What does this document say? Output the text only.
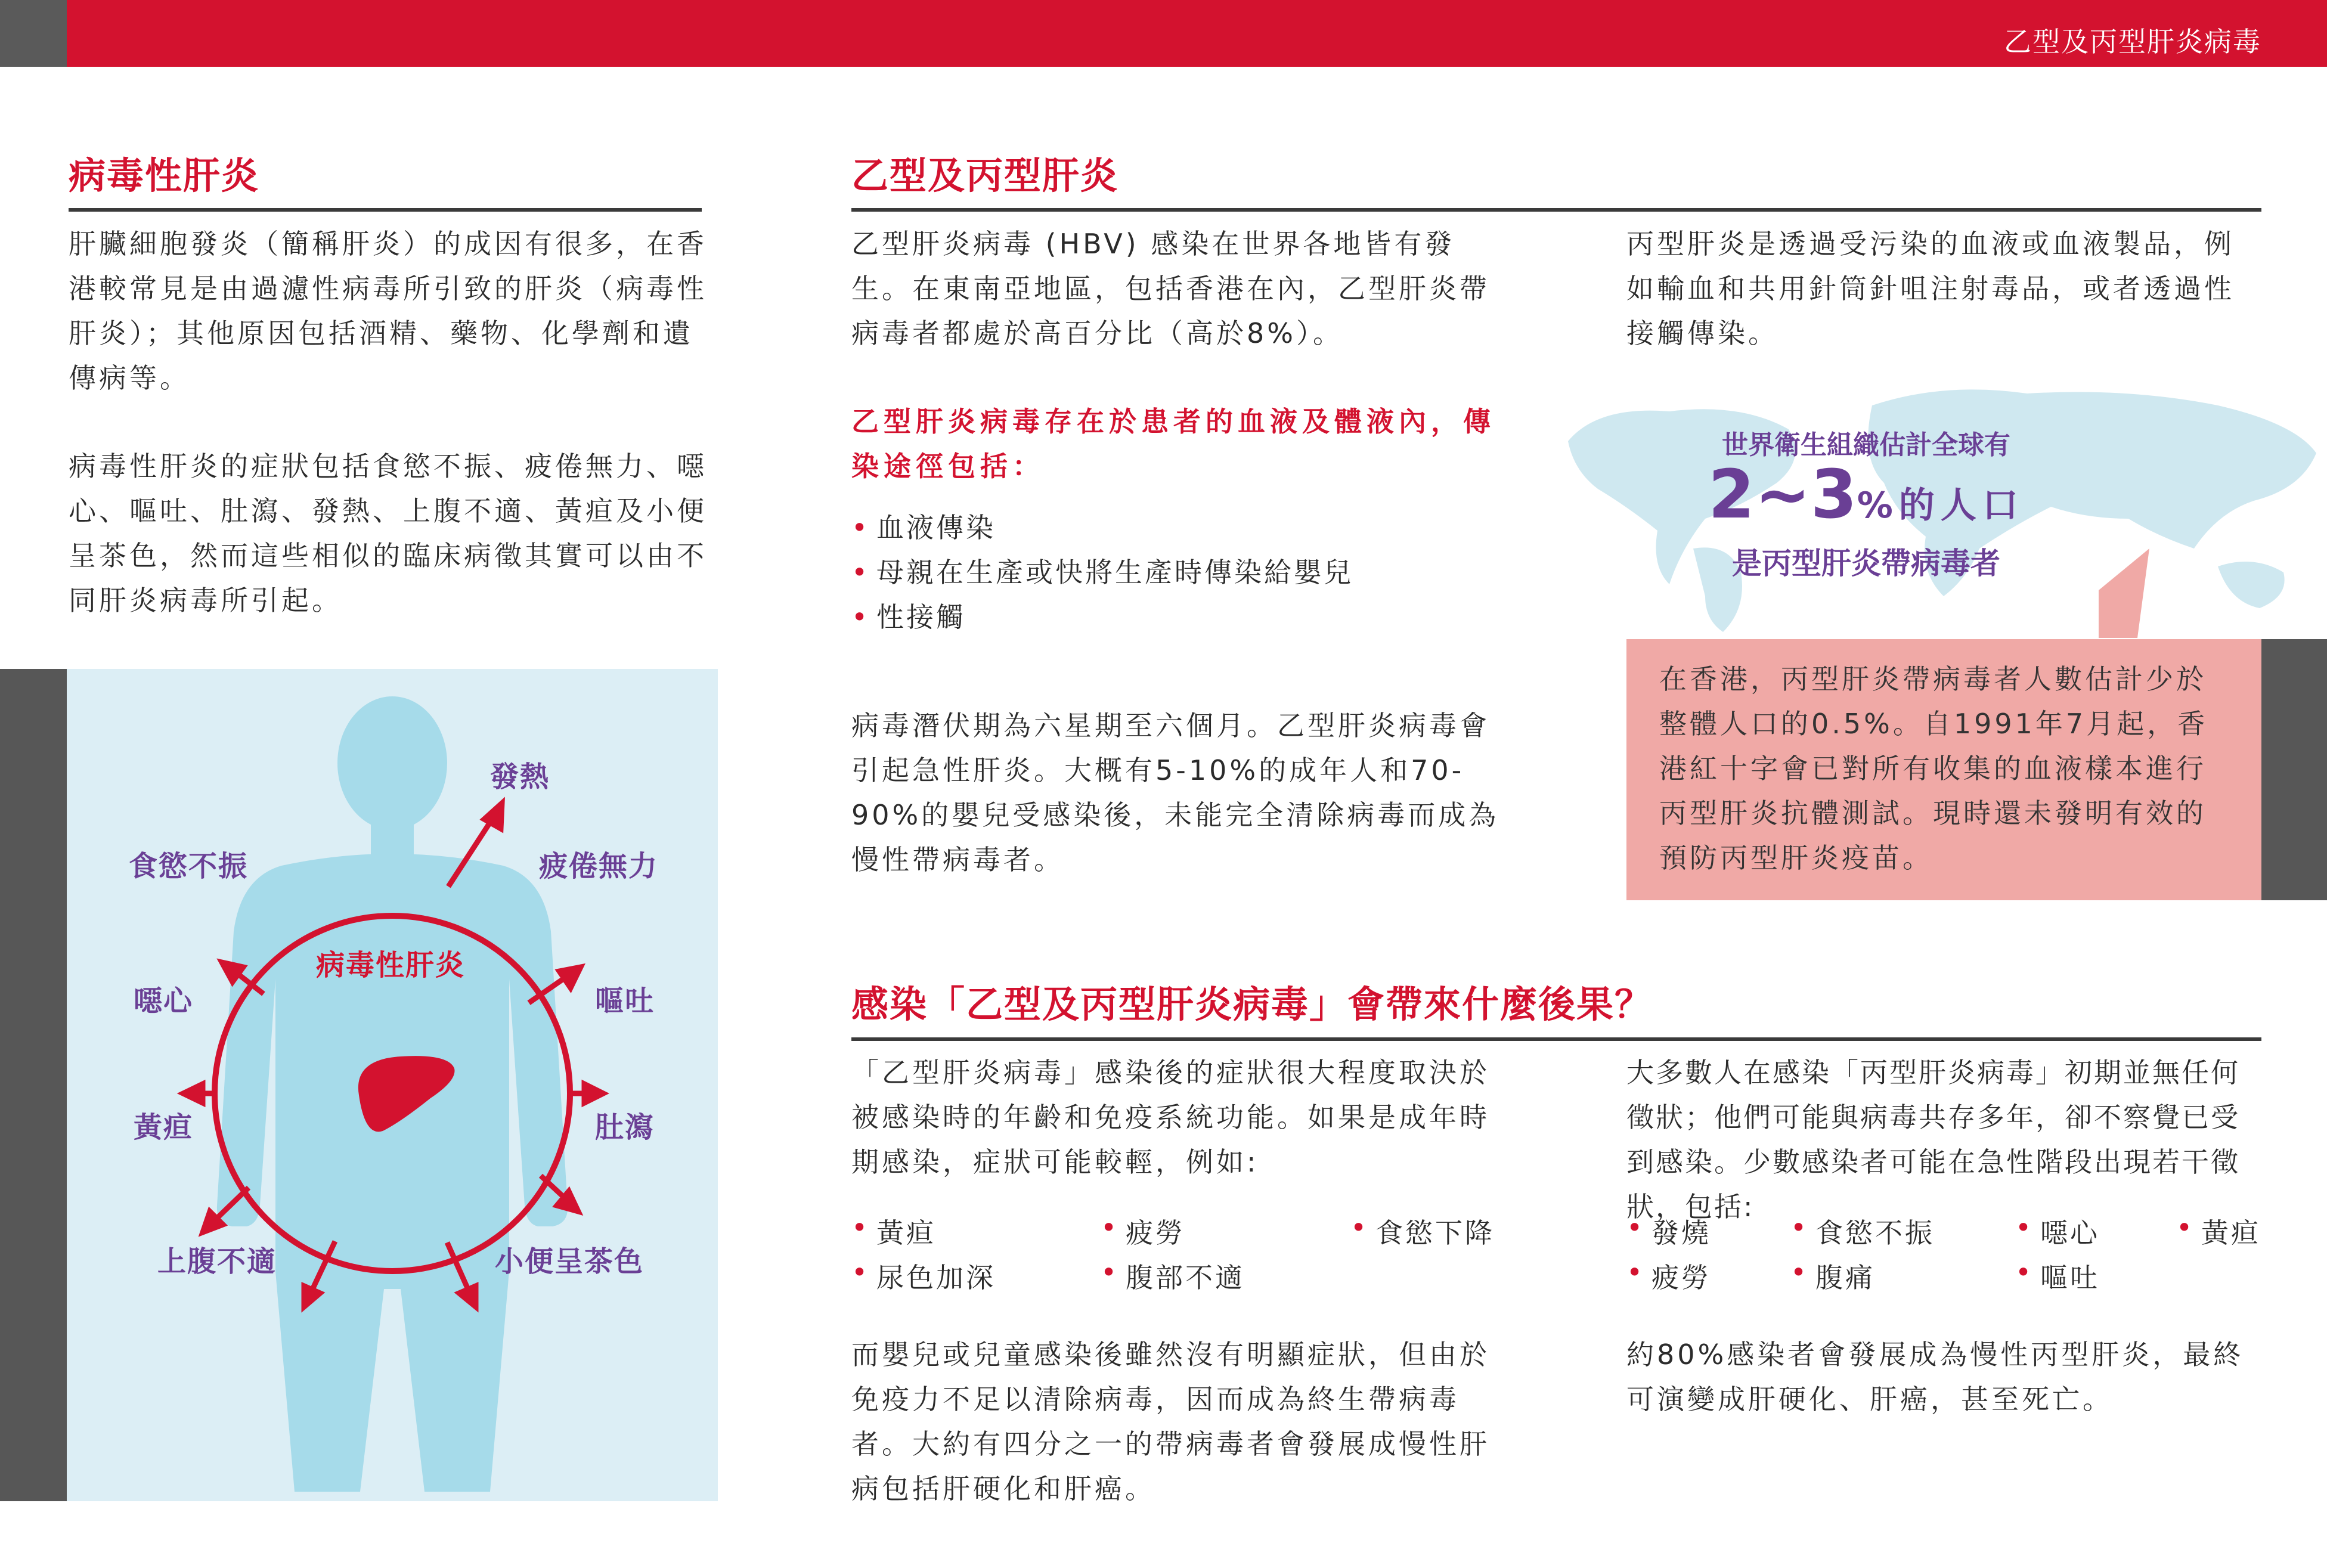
乙型及丙型肝炎病毒
病毒性肝炎
肝臟細胞發炎（簡稱肝炎）的成因有很多，在香港較常見是由過濾性病毒所引致的肝炎（病毒性肝炎）；其他原因包括酒精、藥物、化學劑和遺傳病等。
病毒性肝炎的症狀包括食慾不振、疲倦無力、噁心、嘔吐、肚瀉、發熱、上腹不適、黃疸及小便呈茶色，然而這些相似的臨床病徵其實可以由不同肝炎病毒所引起。
病毒性肝炎
發熱
食慾不振	疲倦無力
噁心	嘔吐
黃疸	肚瀉
上腹不適	小便呈茶色
乙型及丙型肝炎
乙型肝炎病毒 (HBV) 感染在世界各地皆有發生。在東南亞地區，包括香港在內，乙型肝炎帶病毒者都處於高百分比（高於8%）。
乙型肝炎病毒存在於患者的血液及體液內，傳染途徑包括：
• 血液傳染
• 母親在生產或快將生產時傳染給嬰兒
• 性接觸
病毒潛伏期為六星期至六個月。乙型肝炎病毒會引起急性肝炎。大概有5-10%的成年人和70-90%的嬰兒受感染後，未能完全清除病毒而成為慢性帶病毒者。
丙型肝炎是透過受污染的血液或血液製品，例如輸血和共用針筒針咀注射毒品，或者透過性接觸傳染。
世界衛生組織估計全球有
2~3%的人口
是丙型肝炎帶病毒者
在香港，丙型肝炎帶病毒者人數估計少於整體人口的0.5%。自1991年7月起，香港紅十字會已對所有收集的血液樣本進行丙型肝炎抗體測試。現時還未發明有效的預防丙型肝炎疫苗。
感染「乙型及丙型肝炎病毒」會帶來什麼後果？
「乙型肝炎病毒」感染後的症狀很大程度取決於被感染時的年齡和免疫系統功能。如果是成年時期感染，症狀可能較輕，例如:
• 黃疸	• 疲勞	• 食慾下降
• 尿色加深	• 腹部不適
而嬰兒或兒童感染後雖然沒有明顯症狀，但由於免疫力不足以清除病毒，因而成為終生帶病毒者。大約有四分之一的帶病毒者會發展成慢性肝病包括肝硬化和肝癌。
大多數人在感染「丙型肝炎病毒」初期並無任何徵狀；他們可能與病毒共存多年，卻不察覺已受到感染。少數感染者可能在急性階段出現若干徵狀，包括:
• 發燒	• 食慾不振	• 噁心	• 黃疸
• 疲勞	• 腹痛	• 嘔吐
約80%感染者會發展成為慢性丙型肝炎，最終可演變成肝硬化、肝癌，甚至死亡。
